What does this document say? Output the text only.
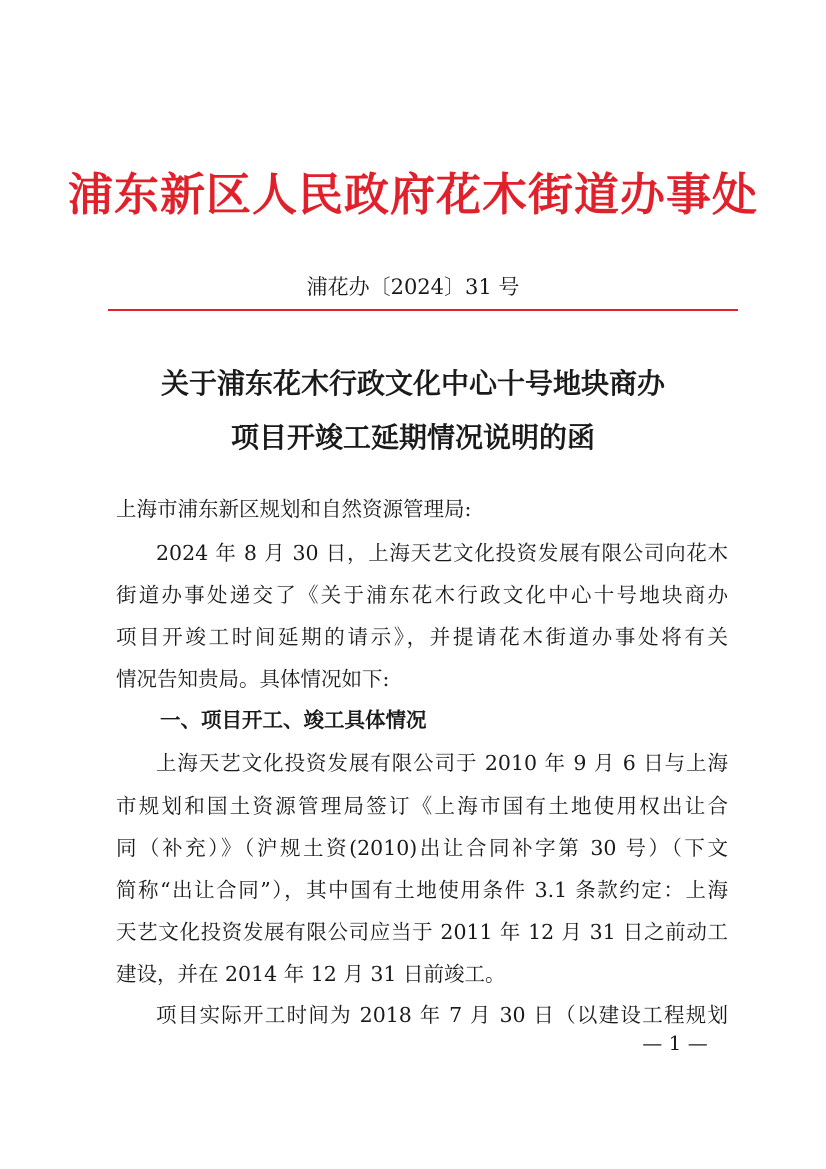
浦东新区人民政府花木街道办事处
浦花办〔2024〕31 号
关于浦东花木行政文化中心十号地块商办
项目开竣工延期情况说明的函
上海市浦东新区规划和自然资源管理局:
2024 年 8 月 30 日，上海天艺文化投资发展有限公司向花木
街道办事处递交了《关于浦东花木行政文化中心十号地块商办
项目开竣工时间延期的请示》，并提请花木街道办事处将有关
情况告知贵局。具体情况如下:
一、项目开工、竣工具体情况
上海天艺文化投资发展有限公司于 2010 年 9 月 6 日与上海
市规划和国土资源管理局签订《上海市国有土地使用权出让合
同（补充）》（沪规土资(2010)出让合同补字第 30 号）（下文
简称“出让合同”），其中国有土地使用条件 3.1 条款约定：上海
天艺文化投资发展有限公司应当于 2011 年 12 月 31 日之前动工
建设，并在 2014 年 12 月 31 日前竣工。
项目实际开工时间为 2018 年 7 月 30 日（以建设工程规划
— 1 —
